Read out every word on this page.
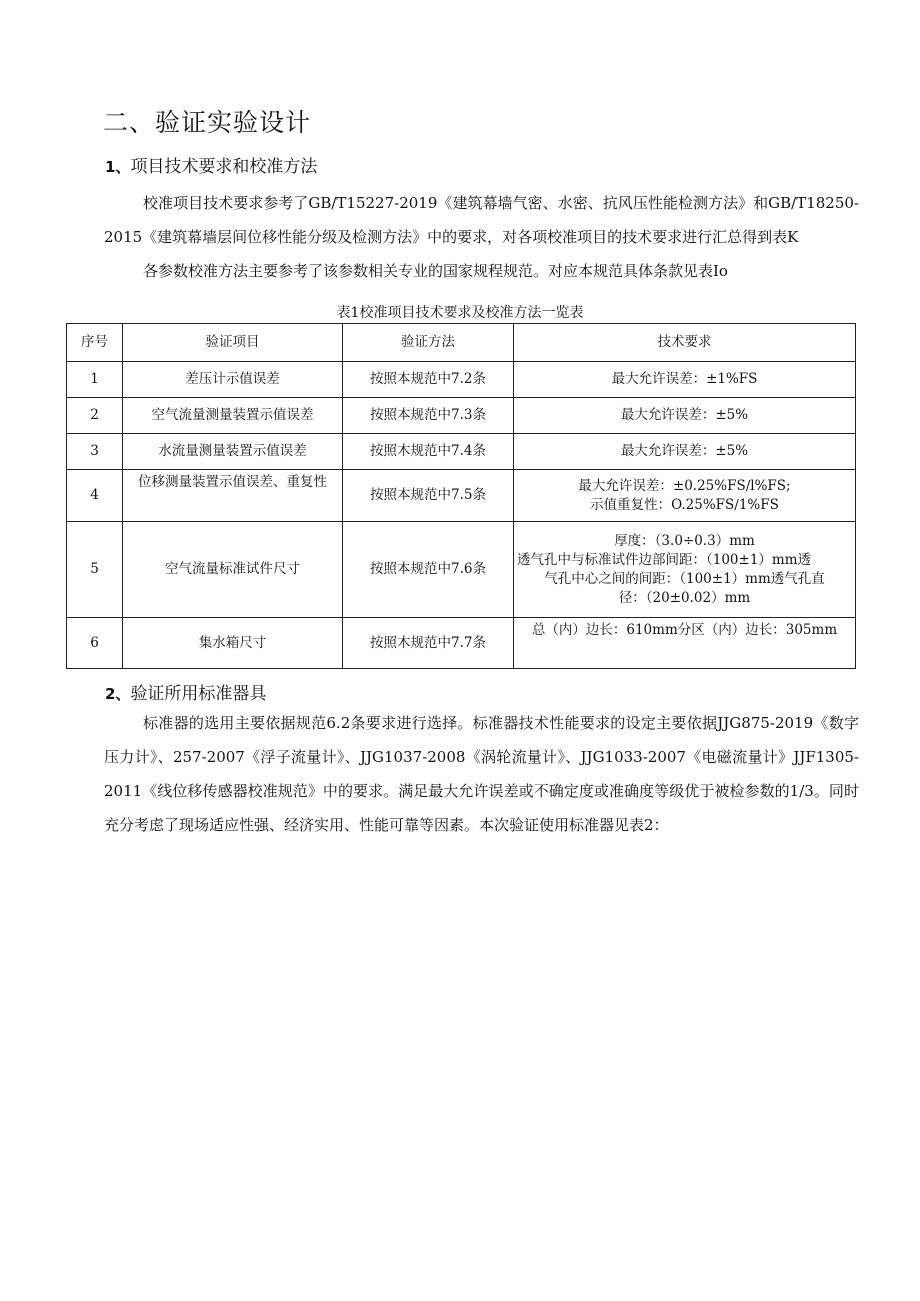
二、验证实验设计
1、项目技术要求和校准方法

校准项目技术要求参考了GB/T15227-2019《建筑幕墙气密、水密、抗风压性能检测方法》和GB/T18250-2015《建筑幕墙层间位移性能分级及检测方法》中的要求，对各项校准项目的技术要求进行汇总得到表K

各参数校准方法主要参考了该参数相关专业的国家规程规范。对应本规范具体条款见表Io

表1校准项目技术要求及校准方法一览表
序号	验证项目	验证方法	技术要求
1	差压计示值误差	按照本规范中7.2条	最大允许误差：±1%FS
2	空气流量测量装置示值误差	按照本规范中7.3条	最大允许误差：±5%
3	水流量测量装置示值误差	按照木规范中7.4条	最大允许误差：±5%
4	位移测量装置示值误差、重复性	按照本规范中7.5条	最大允许误差：±0.25%FS∕l%FS;
示值重复性：O.25%FS∕1%FS

5	空气流量标准试件尺寸	按照本规范中7.6条	厚度：（3.0÷0.3）mm
透气孔中与标准试件边部间距：（100±1）mm透
气孔中心之间的间距：（100±1）mm透气孔直
径：（20±0.02）mm

6	集水箱尺寸	按照木规范中7.7条	总（内）边长：610mm分区（内）边长：305mm
2、验证所用标准器具

标准器的选用主要依据规范6.2条要求进行选择。标准器技术性能要求的设定主要依据JJG875-2019《数字压力计》、257-2007《浮子流量计》、JJG1037-2008《涡轮流量计》、JJG1033-2007《电磁流量计》JJF1305-2011《线位移传感器校准规范》中的要求。满足最大允许误差或不确定度或准确度等级优于被检参数的1/3。同时充分考虑了现场适应性强、经济实用、性能可靠等因素。本次验证使用标准器见表2：
